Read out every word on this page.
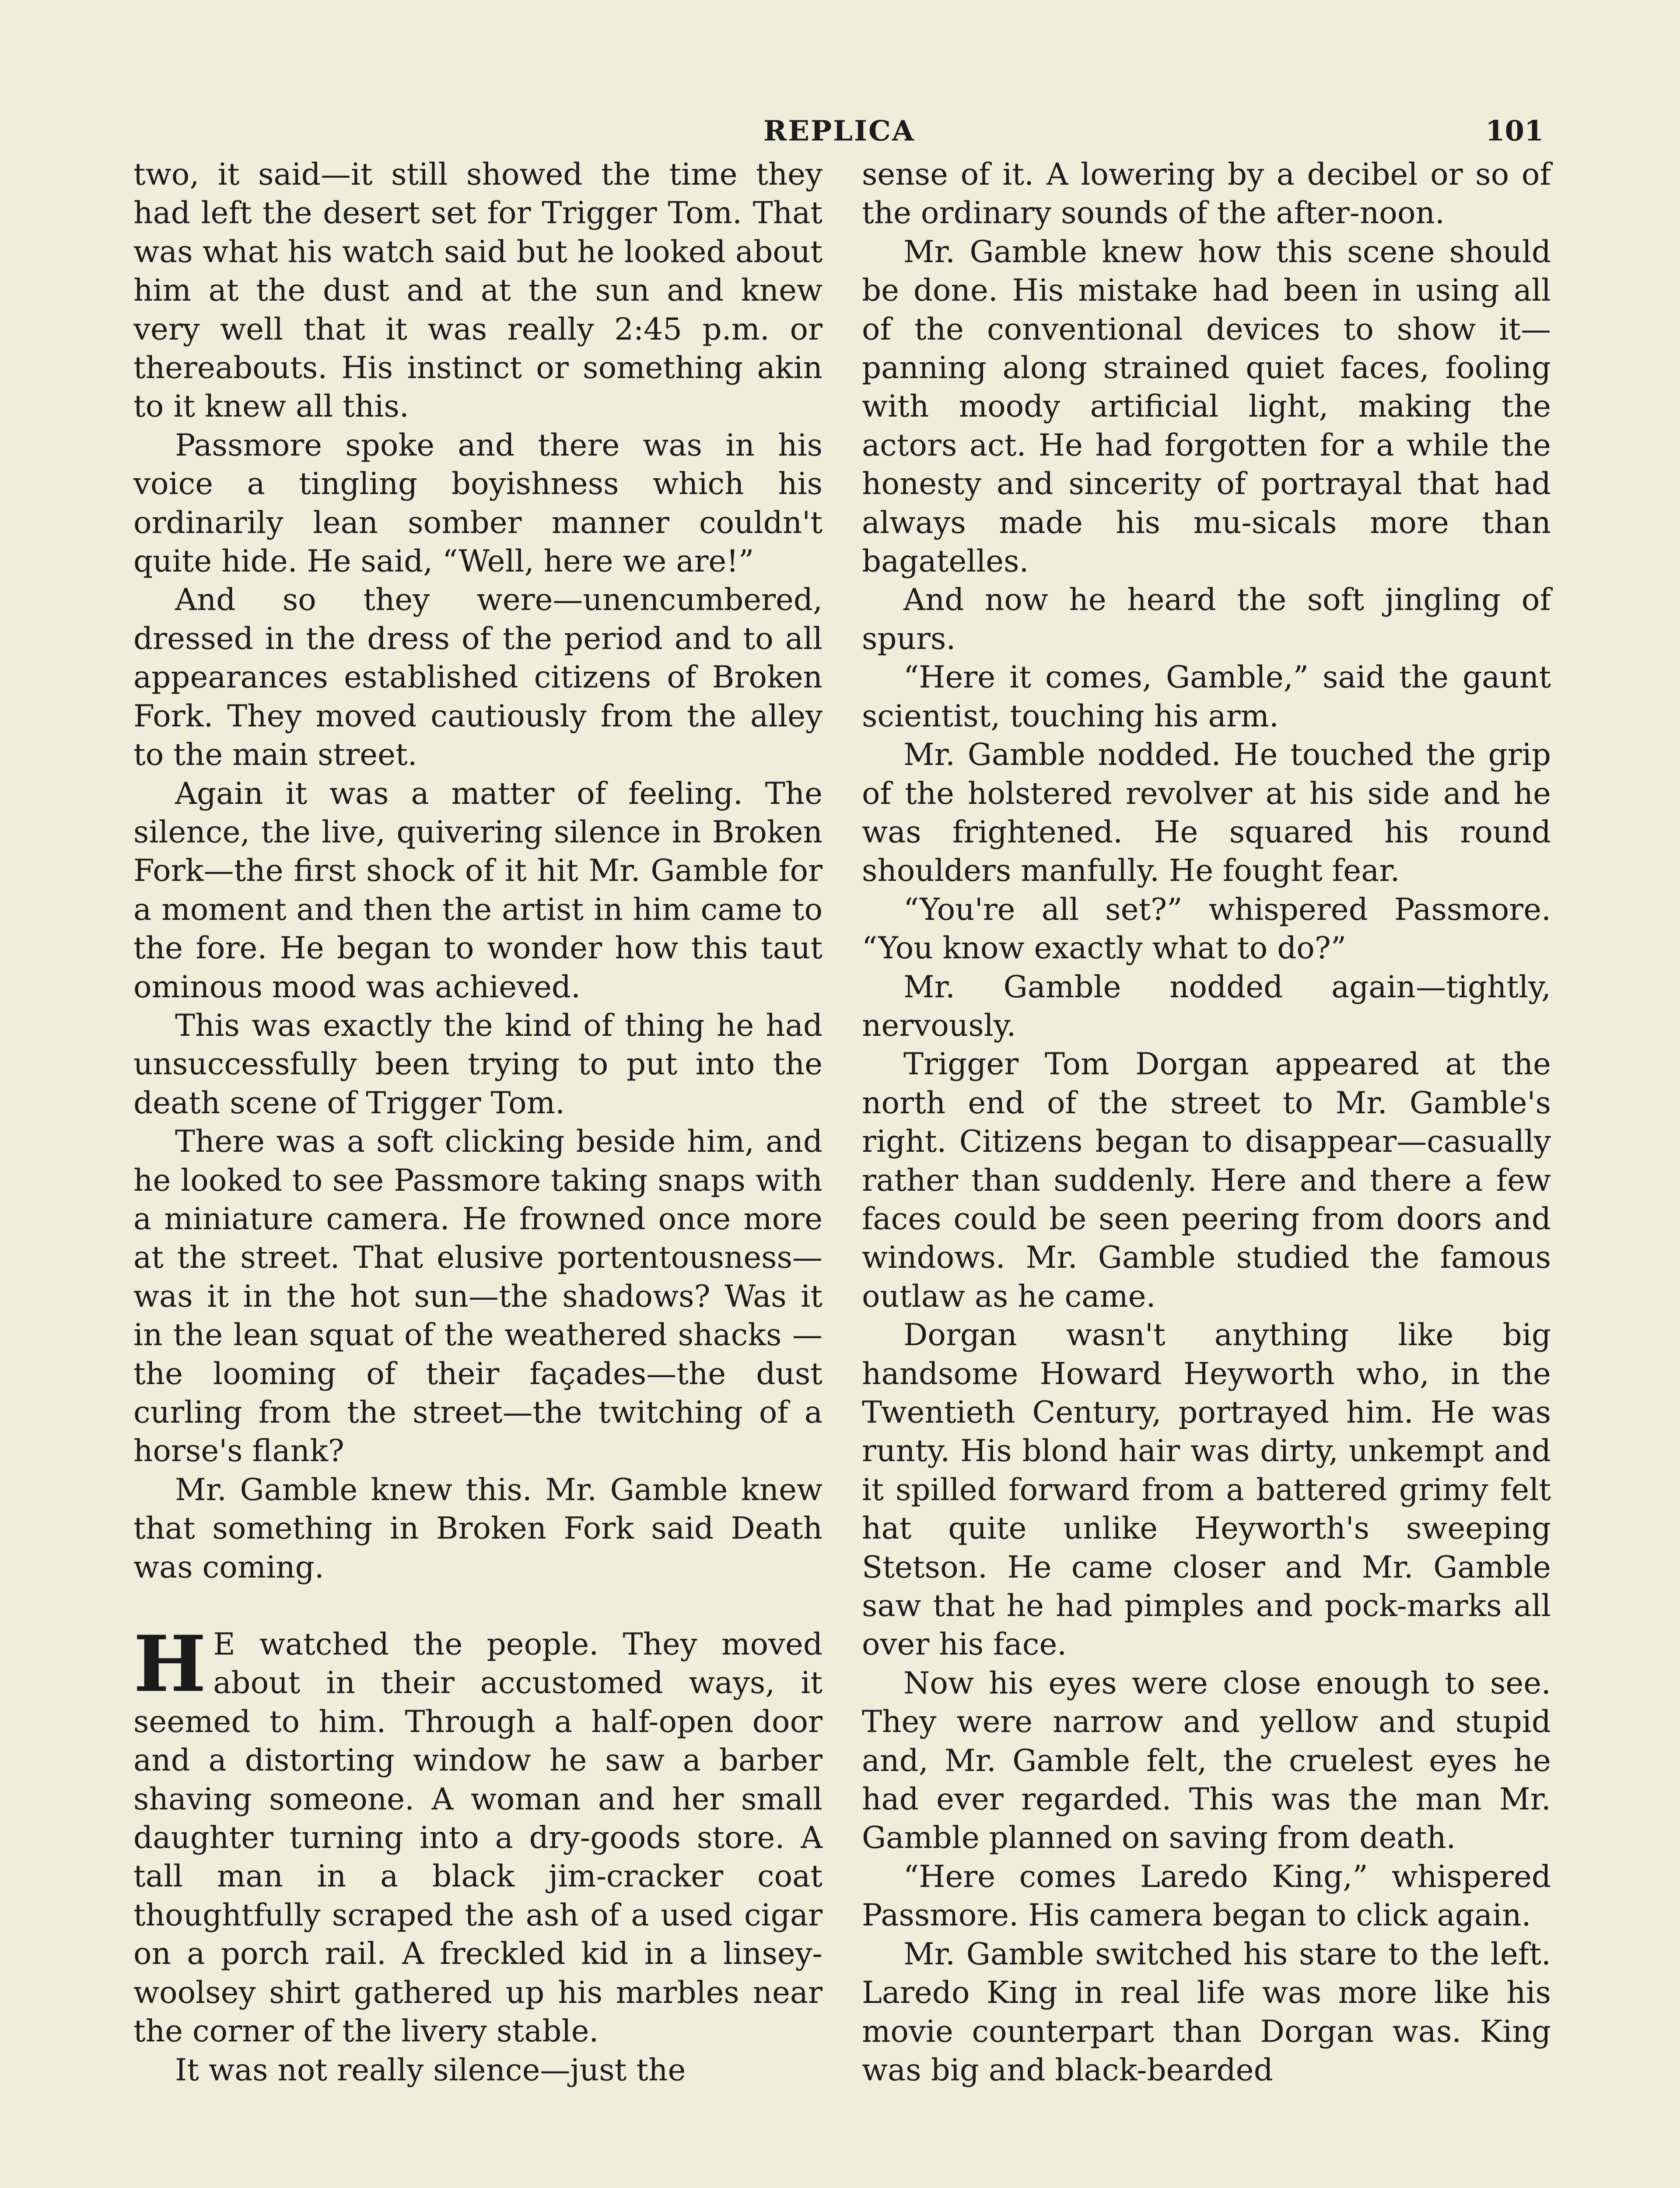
REPLICA	101

two, it said—it still showed the time they had left the desert set for Trigger Tom. That was what his watch said but he looked about him at the dust and at the sun and knew very well that it was really 2:45 p.m. or thereabouts. His instinct or something akin to it knew all this.

Passmore spoke and there was in his voice a tingling boyishness which his ordinarily lean somber manner couldn't quite hide. He said, “Well, here we are!”

And so they were—unencumbered, dressed in the dress of the period and to all appearances established citizens of Broken Fork. They moved cautiously from the alley to the main street.

Again it was a matter of feeling. The silence, the live, quivering silence in Broken Fork—the first shock of it hit Mr. Gamble for a moment and then the artist in him came to the fore. He began to wonder how this taut ominous mood was achieved.

This was exactly the kind of thing he had unsuccessfully been trying to put into the death scene of Trigger Tom.

There was a soft clicking beside him, and he looked to see Passmore taking snaps with a miniature camera. He frowned once more at the street. That elusive portentousness—was it in the hot sun—the shadows? Was it in the lean squat of the weathered shacks —the looming of their façades—the dust curling from the street—the twitching of a horse's flank?

Mr. Gamble knew this. Mr. Gamble knew that something in Broken Fork said Death was coming.

H E watched the people. They moved about in their accustomed ways, it seemed to him. Through a half-open door and a distorting window he saw a barber shaving someone. A woman and her small daughter turning into a dry-goods store. A tall man in a black jim-cracker coat thoughtfully scraped the ash of a used cigar on a porch rail. A freckled kid in a linsey-woolsey shirt gathered up his marbles near the corner of the livery stable.

It was not really silence—just the

sense of it. A lowering by a decibel or so of the ordinary sounds of the after-noon.

Mr. Gamble knew how this scene should be done. His mistake had been in using all of the conventional devices to show it—panning along strained quiet faces, fooling with moody artificial light, making the actors act. He had forgotten for a while the honesty and sincerity of portrayal that had always made his mu-sicals more than bagatelles.

And now he heard the soft jingling of spurs.

“Here it comes, Gamble,” said the gaunt scientist, touching his arm.

Mr. Gamble nodded. He touched the grip of the holstered revolver at his side and he was frightened. He squared his round shoulders manfully. He fought fear.

“You're all set?” whispered Passmore. “You know exactly what to do?”

Mr. Gamble nodded again—tightly, nervously.

Trigger Tom Dorgan appeared at the north end of the street to Mr. Gamble's right. Citizens began to disappear—casually rather than suddenly. Here and there a few faces could be seen peering from doors and windows. Mr. Gamble studied the famous outlaw as he came.

Dorgan wasn't anything like big handsome Howard Heyworth who, in the Twentieth Century, portrayed him. He was runty. His blond hair was dirty, unkempt and it spilled forward from a battered grimy felt hat quite unlike Heyworth's sweeping Stetson. He came closer and Mr. Gamble saw that he had pimples and pock-marks all over his face.

Now his eyes were close enough to see. They were narrow and yellow and stupid and, Mr. Gamble felt, the cruelest eyes he had ever regarded. This was the man Mr. Gamble planned on saving from death.

“Here comes Laredo King,” whispered Passmore. His camera began to click again.

Mr. Gamble switched his stare to the left. Laredo King in real life was more like his movie counterpart than Dorgan was. King was big and black-bearded
